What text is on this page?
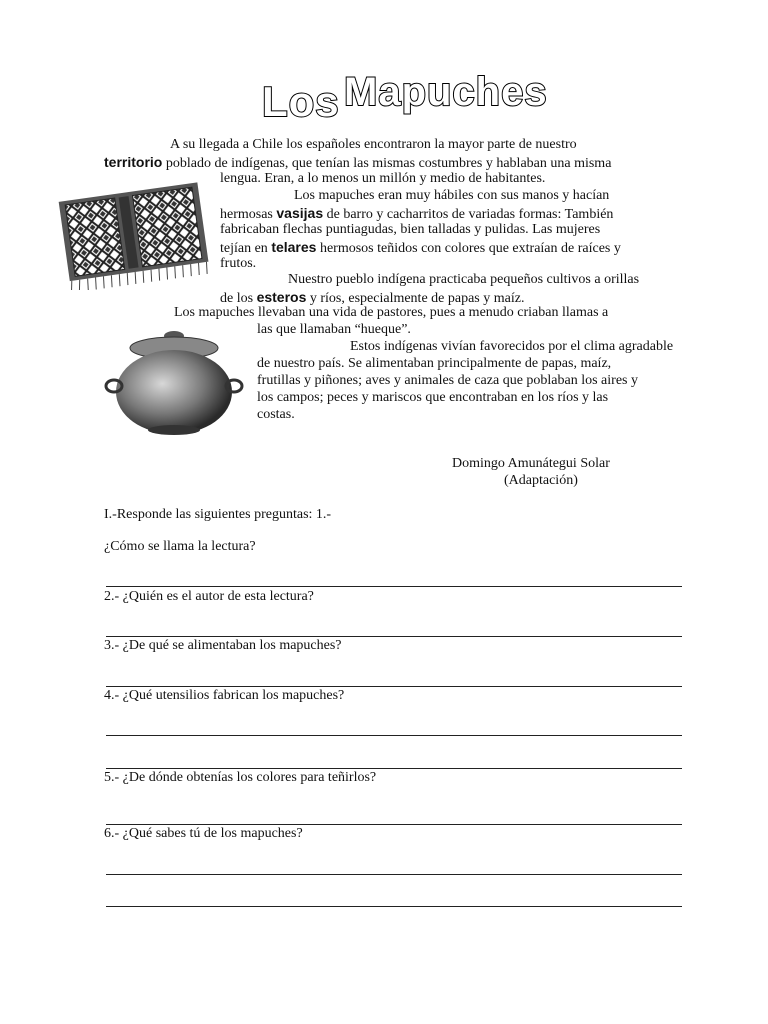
Los Mapuches
A su llegada a Chile los españoles encontraron la mayor parte de nuestro
territorio poblado de indígenas, que tenían las mismas costumbres y hablaban una misma
lengua. Eran, a lo menos un millón y medio de habitantes.
Los mapuches eran muy hábiles con sus manos y hacían
hermosas vasijas de barro y cacharritos de variadas formas: También
fabricaban flechas puntiagudas, bien talladas y pulidas. Las mujeres
tejían en telares hermosos teñidos con colores que extraían de raíces y
frutos.
Nuestro pueblo indígena practicaba pequeños cultivos a orillas
de los esteros y ríos, especialmente de papas y maíz.
Los mapuches llevaban una vida de pastores, pues a menudo criaban llamas a
las que llamaban “hueque”.
Estos indígenas vivían favorecidos por el clima agradable
de nuestro país. Se alimentaban principalmente de papas, maíz,
frutillas y piñones; aves y animales de caza que poblaban los aires y
los campos; peces y mariscos que encontraban en los ríos y las
costas.
Domingo Amunátegui Solar
(Adaptación)
I.-Responde las siguientes preguntas: 1.-
¿Cómo se llama la lectura?
2.- ¿Quién es el autor de esta lectura?
3.- ¿De qué se alimentaban los mapuches?
4.- ¿Qué utensilios fabrican los mapuches?
5.- ¿De dónde obtenías los colores para teñirlos?
6.- ¿Qué sabes tú de los mapuches?
